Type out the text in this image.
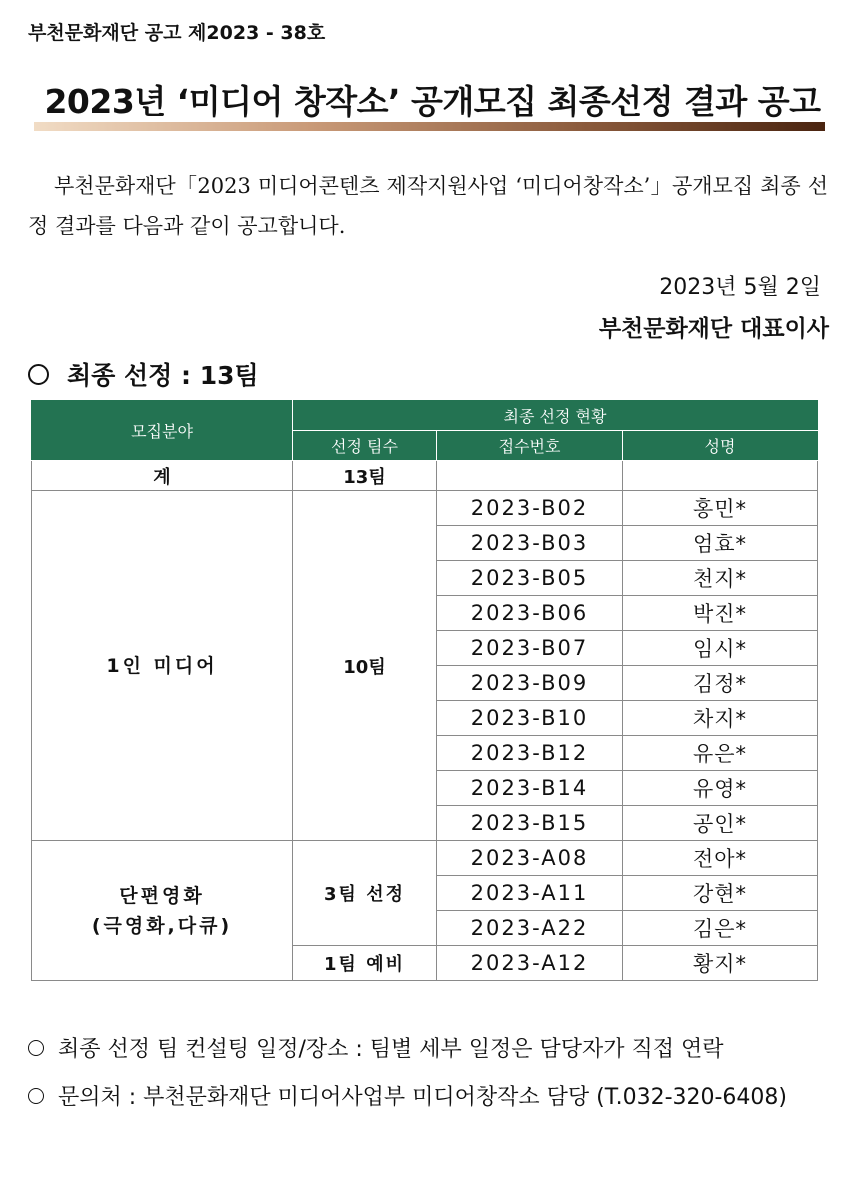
부천문화재단 공고 제2023 - 38호
2023년 ‘미디어 창작소’ 공개모집 최종선정 결과 공고
부천문화재단「2023 미디어콘텐츠 제작지원사업 ‘미디어창작소’」공개모집 최종 선정 결과를 다음과 같이 공고합니다.
2023년 5월 2일
부천문화재단 대표이사
최종 선정 : 13팀
모집분야	최종 선정 현황		
	선정 팀수	접수번호	성명
계	13팀		
1인 미디어	10팀	2023-B02	홍민*
		2023-B03	엄효*
		2023-B05	천지*
		2023-B06	박진*
		2023-B07	임시*
		2023-B09	김정*
		2023-B10	차지*
		2023-B12	유은*
		2023-B14	유영*
		2023-B15	공인*

단편영화
(극영화,다큐)	3팀 선정	2023-A08	전아*
		2023-A11	강현*
		2023-A22	김은*
	1팀 예비	2023-A12	황지*
최종 선정 팀 컨설팅 일정/장소 : 팀별 세부 일정은 담당자가 직접 연락
문의처 : 부천문화재단 미디어사업부 미디어창작소 담당 (T.032-320-6408)
